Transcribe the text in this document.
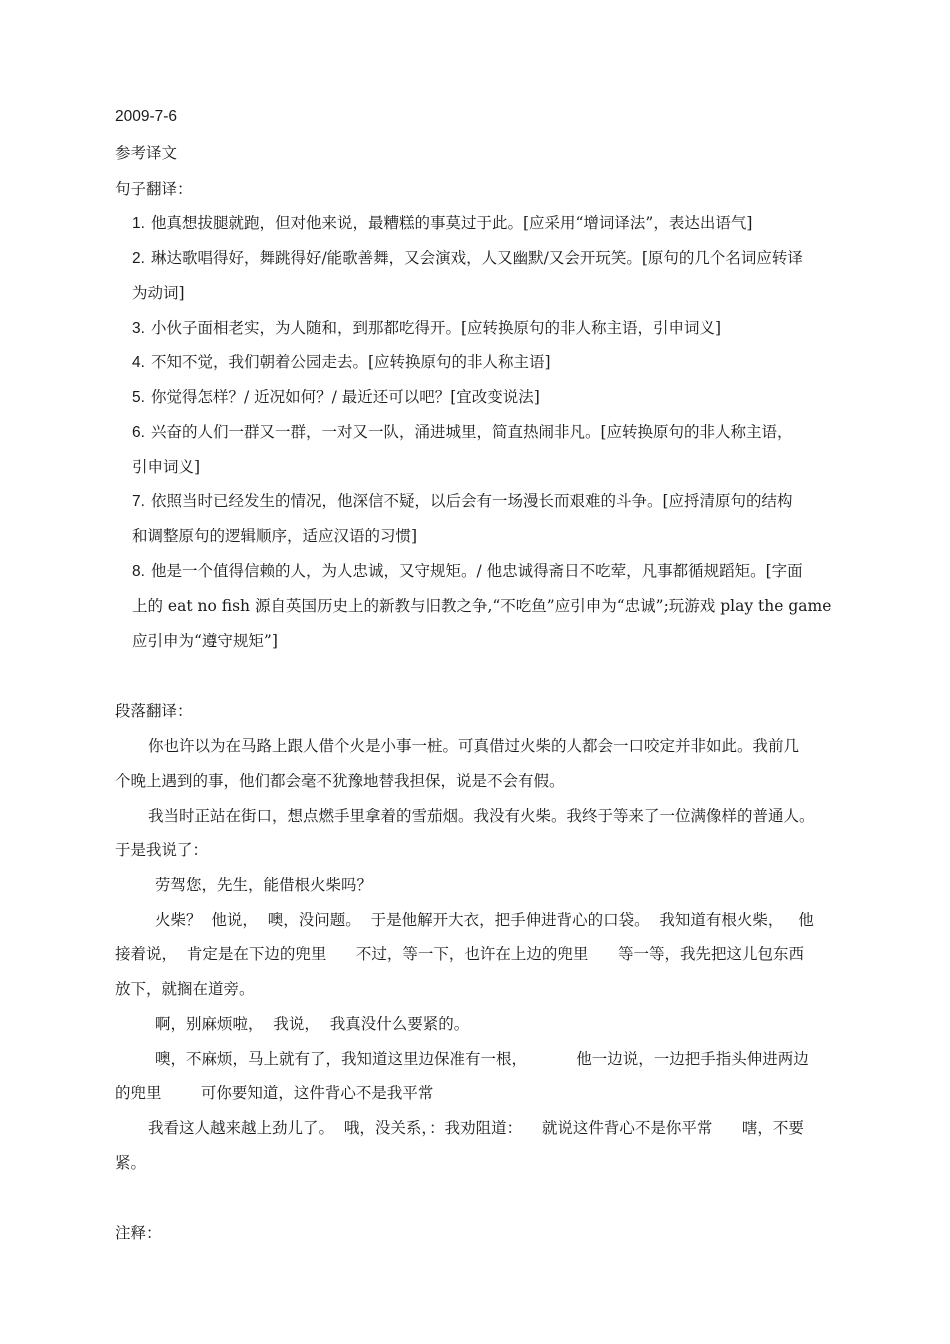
2009-7-6
参考译文
句子翻译：
1. 他真想拔腿就跑，但对他来说，最糟糕的事莫过于此。[应采用“增词译法”，表达出语气]
2. 琳达歌唱得好，舞跳得好/能歌善舞，又会演戏，人又幽默/又会开玩笑。[原句的几个名词应转译
为动词]
3. 小伙子面相老实，为人随和，到那都吃得开。[应转换原句的非人称主语，引申词义]
4. 不知不觉，我们朝着公园走去。[应转换原句的非人称主语]
5. 你觉得怎样？/ 近况如何？/ 最近还可以吧？[宜改变说法]
6. 兴奋的人们一群又一群，一对又一队，涌进城里，简直热闹非凡。[应转换原句的非人称主语，
引申词义]
7. 依照当时已经发生的情况，他深信不疑，以后会有一场漫长而艰难的斗争。[应捋清原句的结构
和调整原句的逻辑顺序，适应汉语的习惯]
8. 他是一个值得信赖的人，为人忠诚，又守规矩。/ 他忠诚得斋日不吃荤，凡事都循规蹈矩。[字面
上的 eat no fish 源自英国历史上的新教与旧教之争,“不吃鱼”应引申为“忠诚”;玩游戏 play the game
应引申为“遵守规矩”]
段落翻译：
你也许以为在马路上跟人借个火是小事一桩。可真借过火柴的人都会一口咬定并非如此。我前几
个晚上遇到的事，他们都会毫不犹豫地替我担保，说是不会有假。
我当时正站在街口，想点燃手里拿着的雪茄烟。我没有火柴。我终于等来了一位满像样的普通人。
于是我说了：
劳驾您，先生，能借根火柴吗？
火柴？  他说，  噢，没问题。  于是他解开大衣，把手伸进背心的口袋。  我知道有根火柴，   他
接着说，  肯定是在下边的兜里      不过，等一下，也许在上边的兜里      等一等，我先把这儿包东西
放下，就搁在道旁。
啊，别麻烦啦，  我说，  我真没什么要紧的。
噢，不麻烦，马上就有了，我知道这里边保准有一根，          他一边说，一边把手指头伸进两边
的兜里        可你要知道，这件背心不是我平常
我看这人越来越上劲儿了。  哦，没关系，：我劝阻道：    就说这件背心不是你平常      嗐，不要
紧。
注释：
